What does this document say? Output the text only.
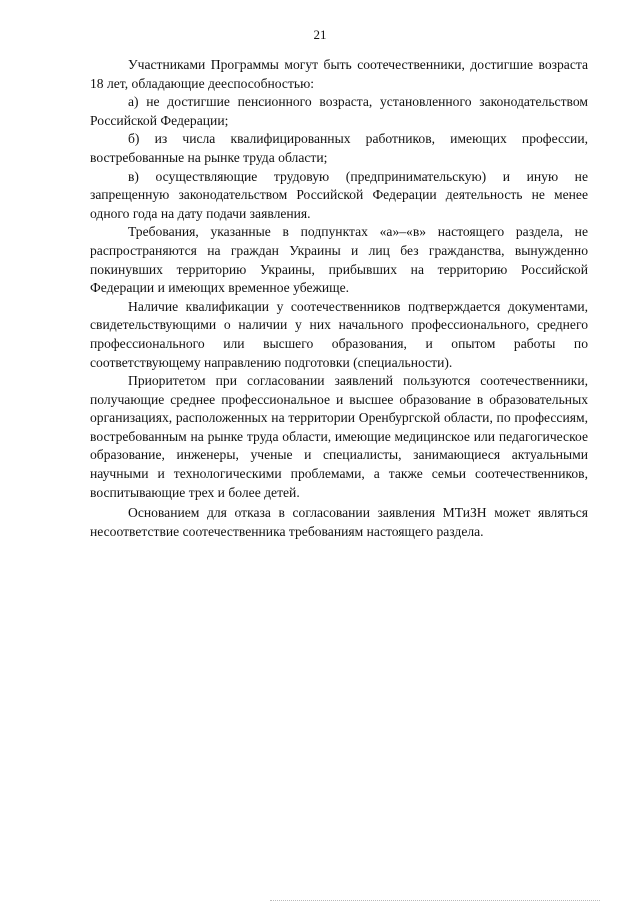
21

Участниками Программы могут быть соотечественники, достигшие возраста 18 лет, обладающие дееспособностью:

а) не достигшие пенсионного возраста, установленного законодательством Российской Федерации;

б) из числа квалифицированных работников, имеющих профессии, востребованные на рынке труда области;

в) осуществляющие трудовую (предпринимательскую) и иную не запрещенную законодательством Российской Федерации деятельность не менее одного года на дату подачи заявления.

Требования, указанные в подпунктах «а»–«в» настоящего раздела, не распространяются на граждан Украины и лиц без гражданства, вынужденно покинувших территорию Украины, прибывших на территорию Российской Федерации и имеющих временное убежище.

Наличие квалификации у соотечественников подтверждается документами, свидетельствующими о наличии у них начального профессионального, среднего профессионального или высшего образования, и опытом работы по соответствующему направлению подготовки (специальности).

Приоритетом при согласовании заявлений пользуются соотечественники, получающие среднее профессиональное и высшее образование в образовательных организациях, расположенных на территории Оренбургской области, по профессиям, востребованным на рынке труда области, имеющие медицинское или педагогическое образование, инженеры, ученые и специалисты, занимающиеся актуальными научными и технологическими проблемами, а также семьи соотечественников, воспитывающие трех и более детей.

Основанием для отказа в согласовании заявления МТиЗН может являться несоответствие соотечественника требованиям настоящего раздела.
